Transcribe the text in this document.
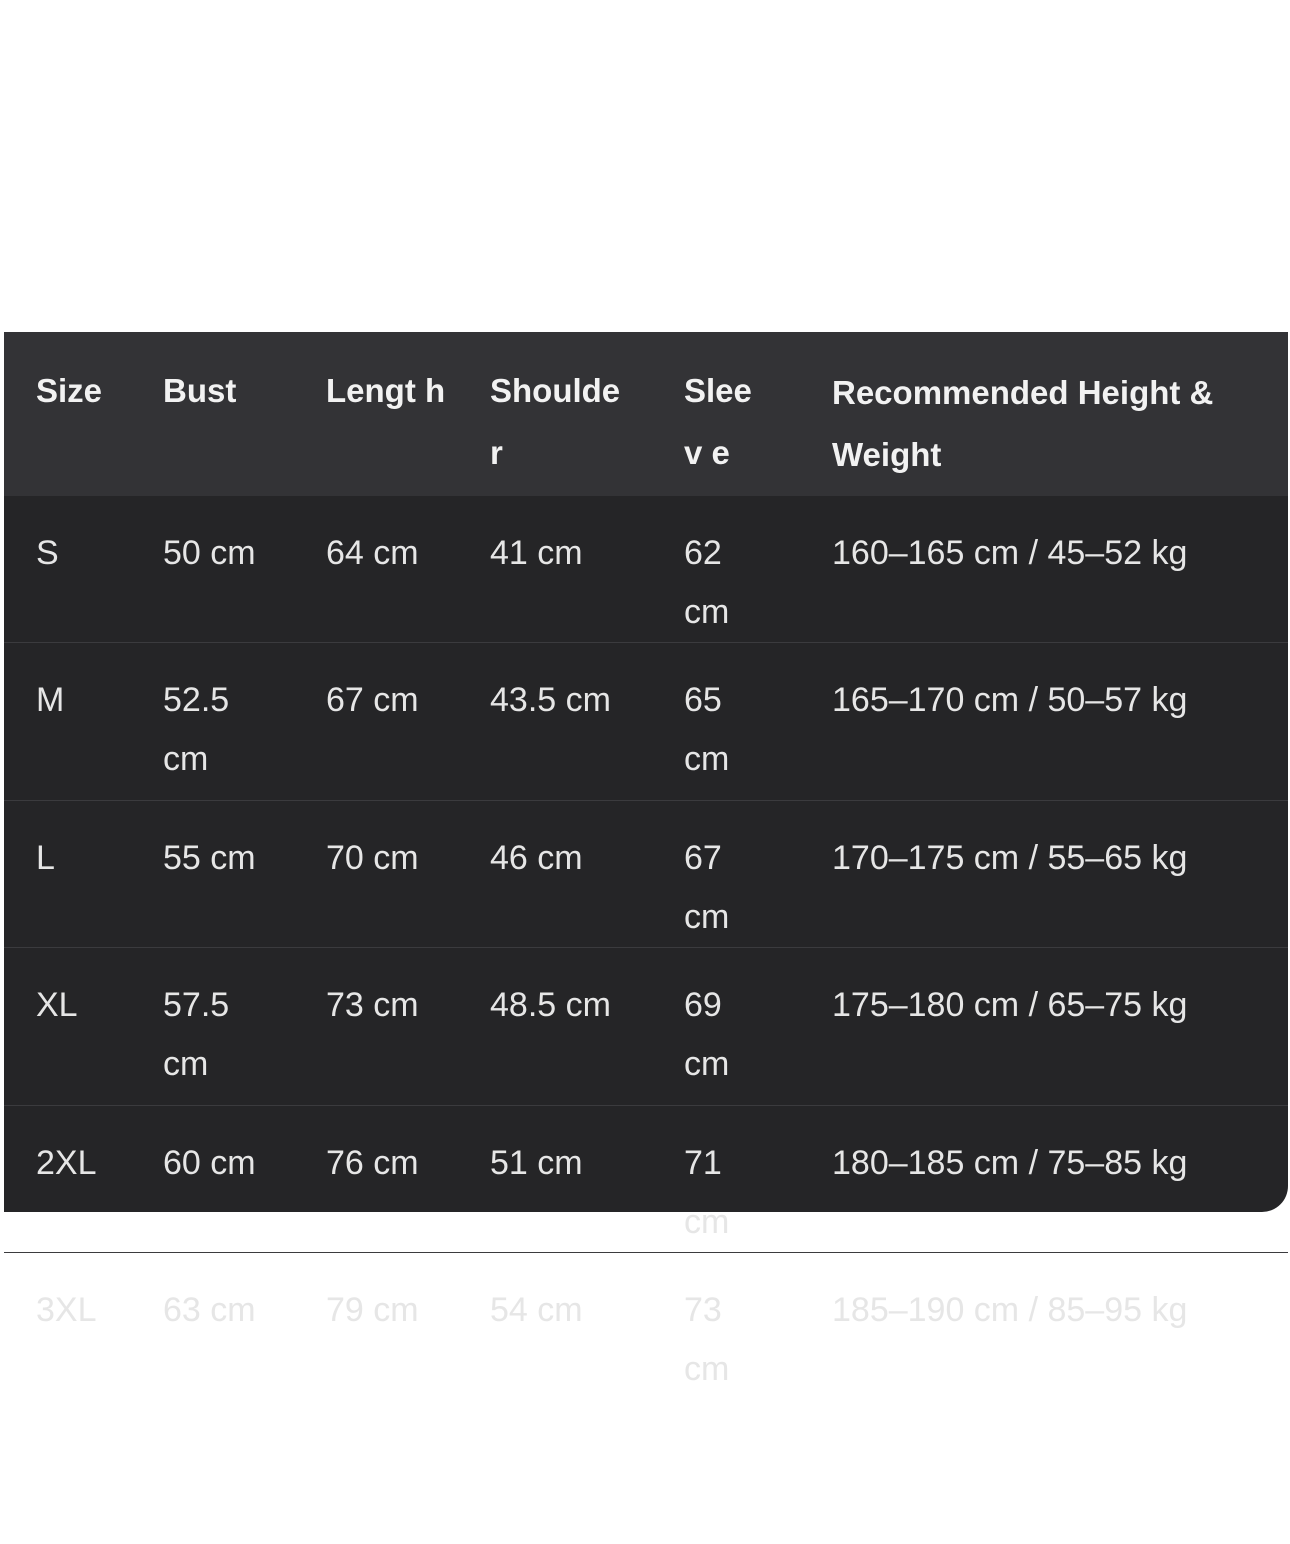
Size	Bust	Lengt h	Shoulde r	Sleev e	Recommended Height & Weight
S	50 cm	64 cm	41 cm	62 cm	160–165 cm / 45–52 kg
M	52.5 cm	67 cm	43.5 cm	65 cm	165–170 cm / 50–57 kg
L	55 cm	70 cm	46 cm	67 cm	170–175 cm / 55–65 kg
XL	57.5 cm	73 cm	48.5 cm	69 cm	175–180 cm / 65–75 kg
2XL	60 cm	76 cm	51 cm	71 cm	180–185 cm / 75–85 kg
3XL	63 cm	79 cm	54 cm	73 cm	185–190 cm / 85–95 kg
